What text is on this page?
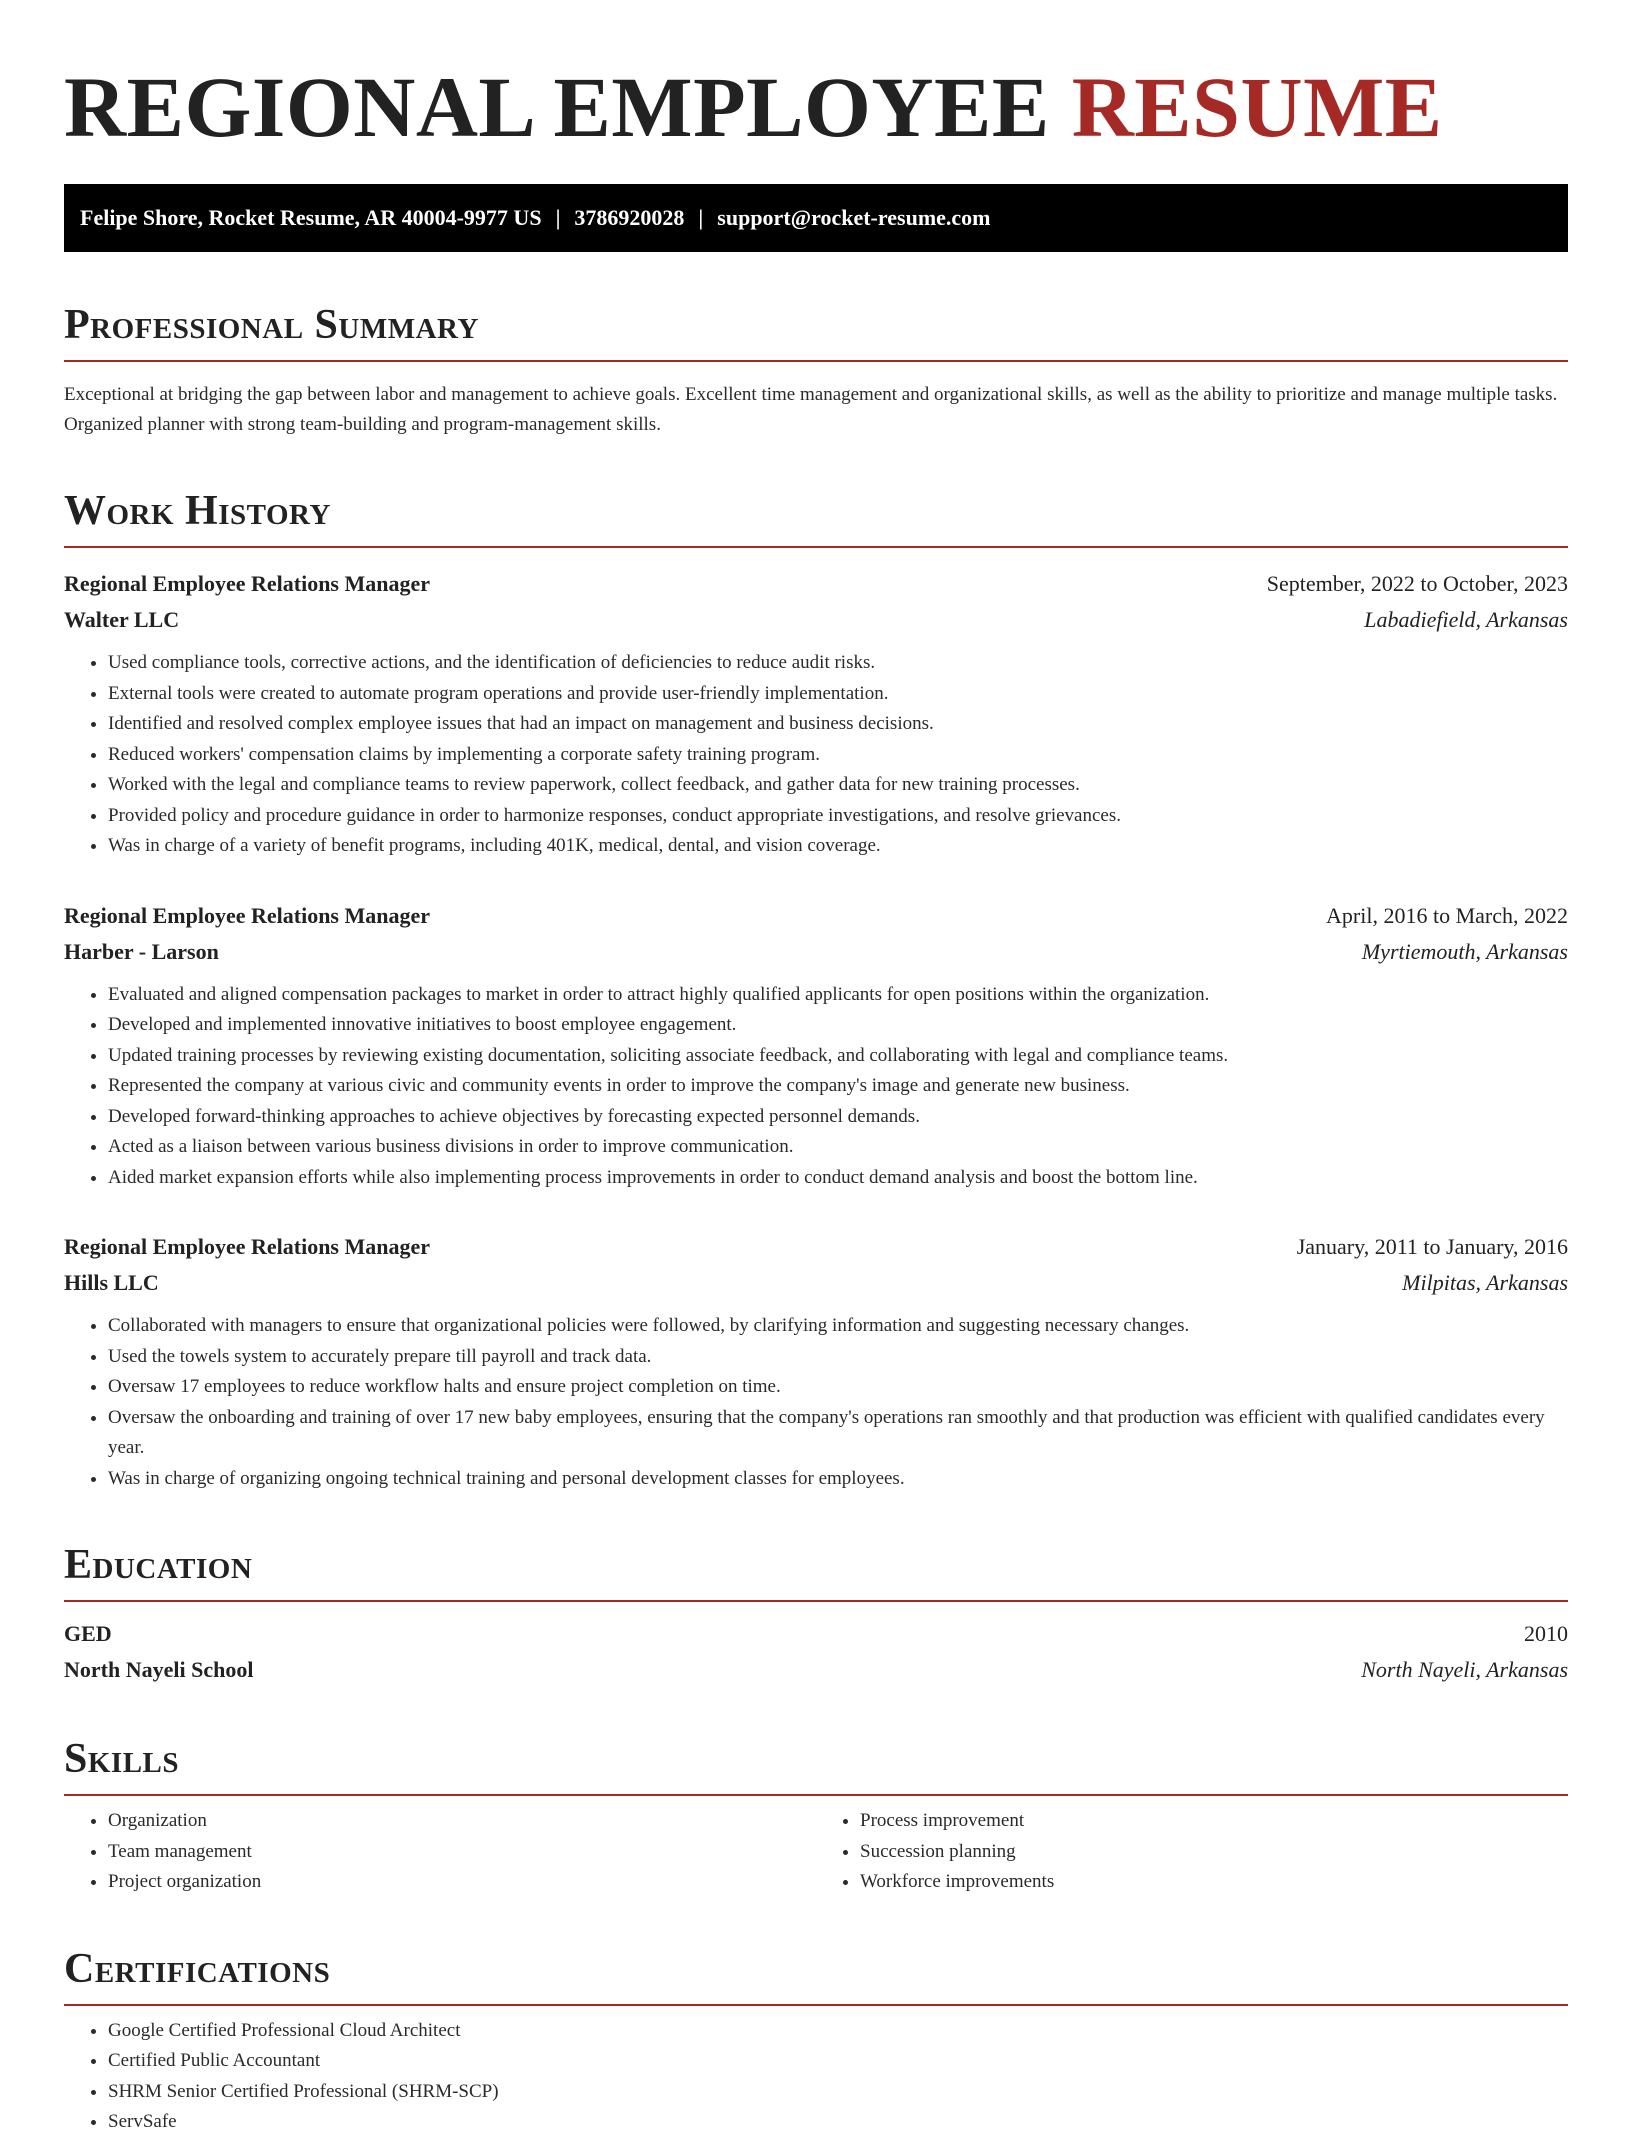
REGIONAL EMPLOYEE RESUME
Felipe Shore, Rocket Resume, AR 40004-9977 US | 3786920028 | support@rocket-resume.com
Professional Summary

Exceptional at bridging the gap between labor and management to achieve goals. Excellent time management and organizational skills, as well as the ability to prioritize and manage multiple tasks. Organized planner with strong team-building and program-management skills.

Work History
Regional Employee Relations Manager	September, 2022 to October, 2023
Walter LLC	Labadiefield, Arkansas
• Used compliance tools, corrective actions, and the identification of deficiencies to reduce audit risks.
• External tools were created to automate program operations and provide user-friendly implementation.
• Identified and resolved complex employee issues that had an impact on management and business decisions.
• Reduced workers' compensation claims by implementing a corporate safety training program.
• Worked with the legal and compliance teams to review paperwork, collect feedback, and gather data for new training processes.
• Provided policy and procedure guidance in order to harmonize responses, conduct appropriate investigations, and resolve grievances.
• Was in charge of a variety of benefit programs, including 401K, medical, dental, and vision coverage.
Regional Employee Relations Manager	April, 2016 to March, 2022
Harber - Larson	Myrtiemouth, Arkansas
• Evaluated and aligned compensation packages to market in order to attract highly qualified applicants for open positions within the organization.
• Developed and implemented innovative initiatives to boost employee engagement.
• Updated training processes by reviewing existing documentation, soliciting associate feedback, and collaborating with legal and compliance teams.
• Represented the company at various civic and community events in order to improve the company's image and generate new business.
• Developed forward-thinking approaches to achieve objectives by forecasting expected personnel demands.
• Acted as a liaison between various business divisions in order to improve communication.
• Aided market expansion efforts while also implementing process improvements in order to conduct demand analysis and boost the bottom line.
Regional Employee Relations Manager	January, 2011 to January, 2016
Hills LLC	Milpitas, Arkansas
• Collaborated with managers to ensure that organizational policies were followed, by clarifying information and suggesting necessary changes.
• Used the towels system to accurately prepare till payroll and track data.
• Oversaw 17 employees to reduce workflow halts and ensure project completion on time.
• Oversaw the onboarding and training of over 17 new baby employees, ensuring that the company's operations ran smoothly and that production was efficient with qualified candidates every year.
• Was in charge of organizing ongoing technical training and personal development classes for employees.
Education
GED	2010
North Nayeli School	North Nayeli, Arkansas
Skills
• Organization
• Team management
• Project organization
• Process improvement
• Succession planning
• Workforce improvements
Certifications
• Google Certified Professional Cloud Architect
• Certified Public Accountant
• SHRM Senior Certified Professional (SHRM-SCP)
• ServSafe
